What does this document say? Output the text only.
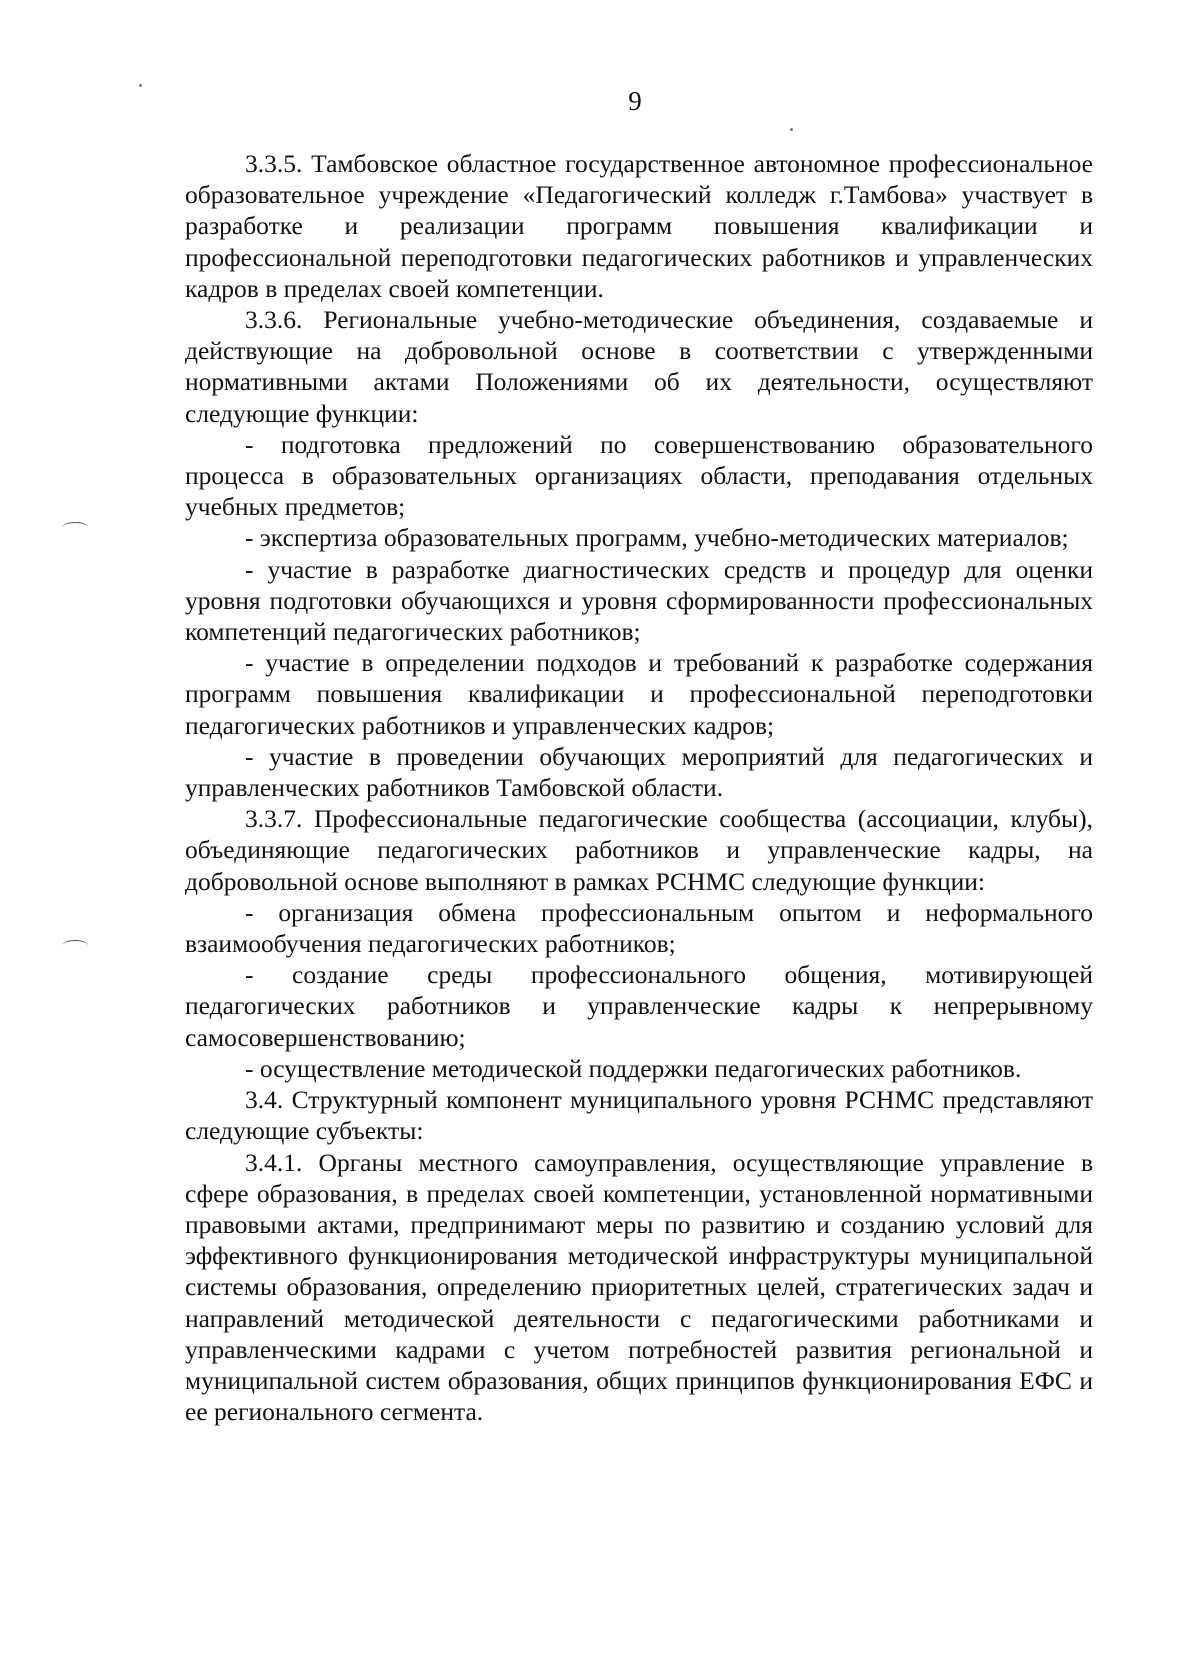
9

3.3.5. Тамбовское областное государственное автономное профессиональное образовательное учреждение «Педагогический колледж г.Тамбова» участвует в разработке и реализации программ повышения квалификации и профессиональной переподготовки педагогических работников и управленческих кадров в пределах своей компетенции.

3.3.6. Региональные учебно-методические объединения, создаваемые и действующие на добровольной основе в соответствии с утвержденными нормативными актами Положениями об их деятельности, осуществляют следующие функции:

- подготовка предложений по совершенствованию образовательного процесса в образовательных организациях области, преподавания отдельных учебных предметов;

- экспертиза образовательных программ, учебно-методических материалов;

- участие в разработке диагностических средств и процедур для оценки уровня подготовки обучающихся и уровня сформированности профессиональных компетенций педагогических работников;

- участие в определении подходов и требований к разработке содержания программ повышения квалификации и профессиональной переподготовки педагогических работников и управленческих кадров;

- участие в проведении обучающих мероприятий для педагогических и управленческих работников Тамбовской области.

3.3.7. Профессиональные педагогические сообщества (ассоциации, клубы), объединяющие педагогических работников и управленческие кадры, на добровольной основе выполняют в рамках РСНМС следующие функции:

- организация обмена профессиональным опытом и неформального взаимообучения педагогических работников;

- создание среды профессионального общения, мотивирующей педагогических работников и управленческие кадры к непрерывному самосовершенствованию;

- осуществление методической поддержки педагогических работников.

3.4. Структурный компонент муниципального уровня РСНМС представляют следующие субъекты:

3.4.1. Органы местного самоуправления, осуществляющие управление в сфере образования, в пределах своей компетенции, установленной нормативными правовыми актами, предпринимают меры по развитию и созданию условий для эффективного функционирования методической инфраструктуры муниципальной системы образования, определению приоритетных целей, стратегических задач и направлений методической деятельности с педагогическими работниками и управленческими кадрами с учетом потребностей развития региональной и муниципальной систем образования, общих принципов функционирования ЕФС и ее регионального сегмента.
